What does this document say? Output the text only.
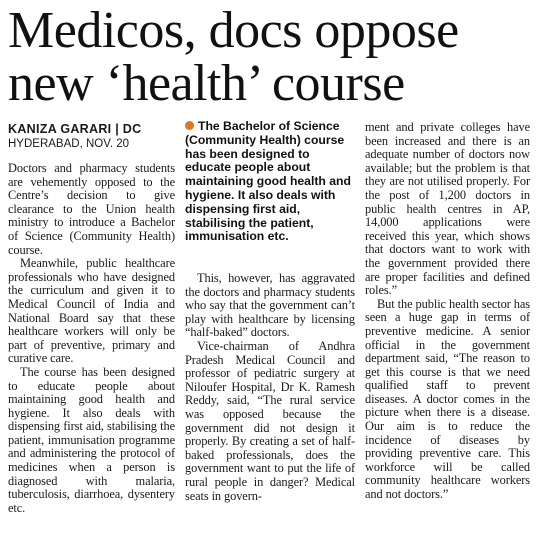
Medicos, docs oppose
new ‘health’ course
KANIZA GARARI | DC
HYDERABAD, NOV. 20

Doctors and pharmacy students are vehemently opposed to the Centre’s decision to give clearance to the Union health ministry to introduce a Bachelor of Science (Community Health) course.

Meanwhile, public healthcare professionals who have designed the curriculum and given it to Medical Council of India and National Board say that these healthcare workers will only be part of preventive, primary and curative care.

The course has been designed to educate people about maintaining good health and hygiene. It also deals with dispensing first aid, stabilising the patient, immunisation programme and administering the protocol of medicines when a person is diagnosed with malaria, tuberculosis, diarrhoea, dysentery etc.

The Bachelor of Science (Community Health) course has been designed to educate people about maintaining good health and hygiene. It also deals with dispensing first aid, stabilising the patient, immunisation etc.

This, however, has aggravated the doctors and pharmacy students who say that the government can’t play with healthcare by licensing “half-baked” doctors.

Vice-chairman of Andhra Pradesh Medical Council and professor of pediatric surgery at Niloufer Hospital, Dr K. Ramesh Reddy, said, “The rural service was opposed because the government did not design it properly. By creating a set of half-baked professionals, does the government want to put the life of rural people in danger? Medical seats in govern-

ment and private colleges have been increased and there is an adequate number of doctors now available; but the problem is that they are not utilised properly. For the post of 1,200 doctors in public health centres in AP, 14,000 applications were received this year, which shows that doctors want to work with the government provided there are proper facilities and defined roles.”

But the public health sector has seen a huge gap in terms of preventive medicine. A senior official in the government department said, “The reason to get this course is that we need qualified staff to prevent diseases. A doctor comes in the picture when there is a disease. Our aim is to reduce the incidence of diseases by providing preventive care. This workforce will be called community healthcare workers and not doctors.”
